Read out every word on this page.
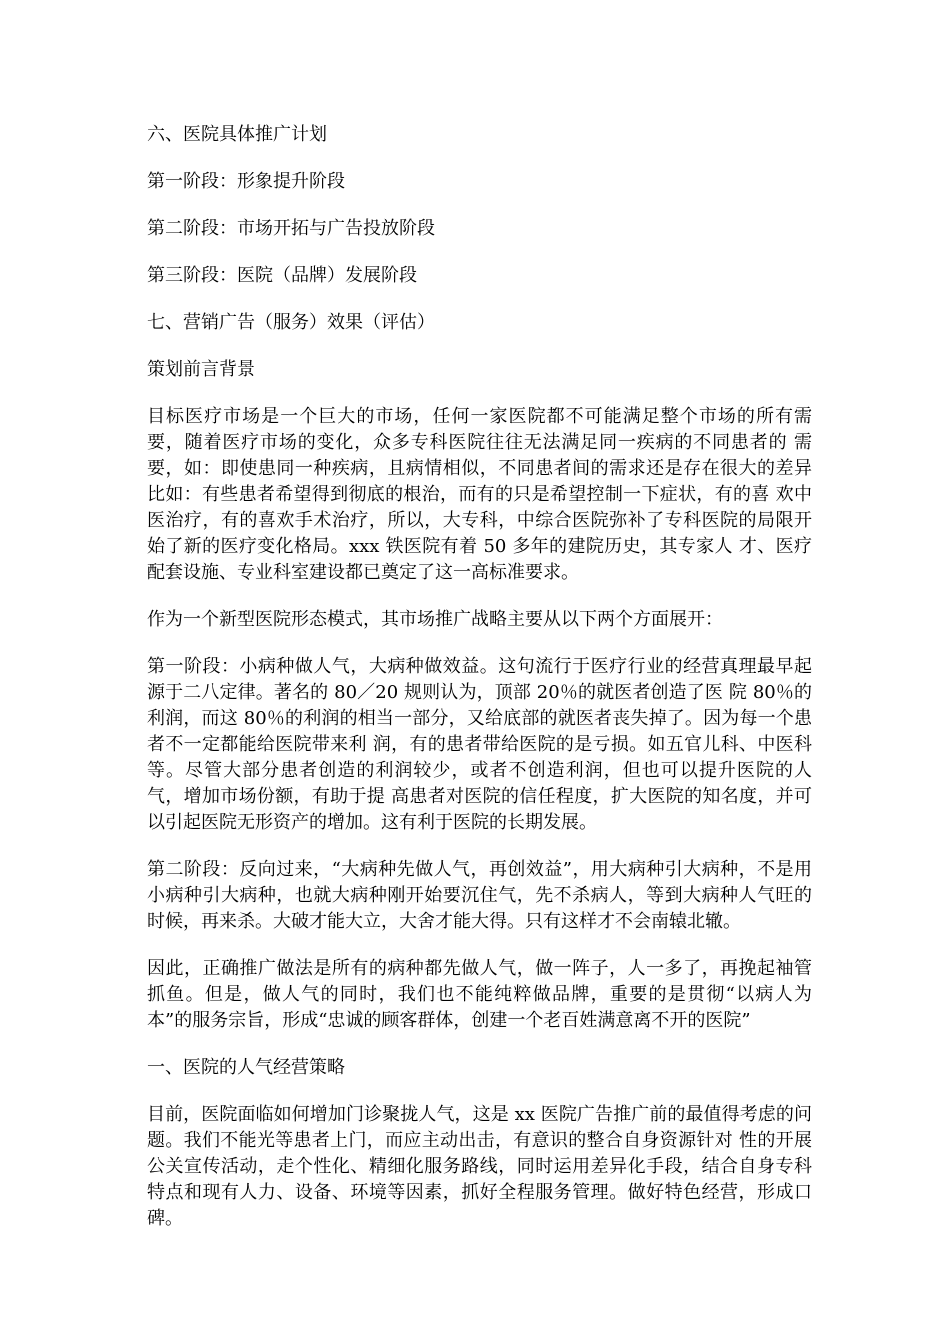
六、医院具体推广计划

第一阶段：形象提升阶段

第二阶段：市场开拓与广告投放阶段

第三阶段：医院（品牌）发展阶段

七、营销广告（服务）效果（评估）

策划前言背景

目标医疗市场是一个巨大的市场，任何一家医院都不可能满足整个市场的所有需要，随着医疗市场的变化，众多专科医院往往无法满足同一疾病的不同患者的 需要，如：即使患同一种疾病，且病情相似，不同患者间的需求还是存在很大的差异比如：有些患者希望得到彻底的根治，而有的只是希望控制一下症状，有的喜 欢中医治疗，有的喜欢手术治疗，所以，大专科，中综合医院弥补了专科医院的局限开始了新的医疗变化格局。xxx 铁医院有着 50 多年的建院历史，其专家人 才、医疗配套设施、专业科室建设都已奠定了这一高标准要求。

作为一个新型医院形态模式，其市场推广战略主要从以下两个方面展开：

第一阶段：小病种做人气，大病种做效益。这句流行于医疗行业的经营真理最早起源于二八定律。著名的 80／20 规则认为，顶部 20％的就医者创造了医 院 80％的利润，而这 80％的利润的相当一部分，又给底部的就医者丧失掉了。因为每一个患者不一定都能给医院带来利 润，有的患者带给医院的是亏损。如五官儿科、中医科等。尽管大部分患者创造的利润较少，或者不创造利润，但也可以提升医院的人气，增加市场份额，有助于提 高患者对医院的信任程度，扩大医院的知名度，并可以引起医院无形资产的增加。这有利于医院的长期发展。

第二阶段：反向过来，“大病种先做人气，再创效益”，用大病种引大病种，不是用小病种引大病种，也就大病种刚开始要沉住气，先不杀病人，等到大病种人气旺的时候，再来杀。大破才能大立，大舍才能大得。只有这样才不会南辕北辙。

因此，正确推广做法是所有的病种都先做人气，做一阵子，人一多了，再挽起袖管抓鱼。但是，做人气的同时，我们也不能纯粹做品牌，重要的是贯彻“以病人为本”的服务宗旨，形成“忠诚的顾客群体，创建一个老百姓满意离不开的医院”

一、医院的人气经营策略

目前，医院面临如何增加门诊聚拢人气，这是 xx 医院广告推广前的最值得考虑的问题。我们不能光等患者上门，而应主动出击，有意识的整合自身资源针对 性的开展公关宣传活动，走个性化、精细化服务路线，同时运用差异化手段，结合自身专科特点和现有人力、设备、环境等因素，抓好全程服务管理。做好特色经营，形成口碑。
